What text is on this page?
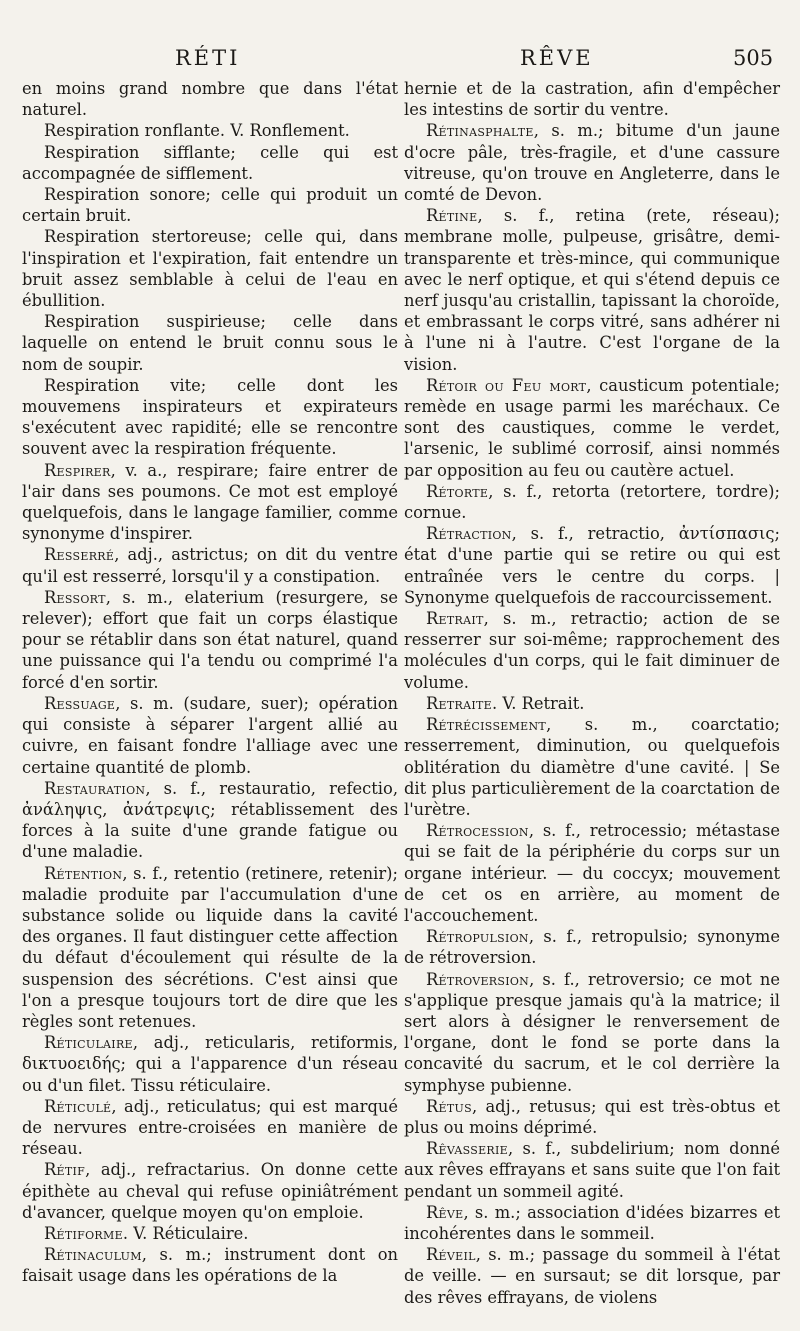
RÉTI	RÊVE	505

en moins grand nombre que dans l'état naturel.

Respiration ronflante. V. Ronflement.

Respiration sifflante; celle qui est accompagnée de sifflement.

Respiration sonore; celle qui produit un certain bruit.

Respiration stertoreuse; celle qui, dans l'inspiration et l'expiration, fait entendre un bruit assez semblable à celui de l'eau en ébullition.

Respiration suspirieuse; celle dans laquelle on entend le bruit connu sous le nom de soupir.

Respiration vite; celle dont les mouvemens inspirateurs et expirateurs s'exécutent avec rapidité; elle se rencontre souvent avec la respiration fréquente.

Respirer, v. a., respirare; faire entrer de l'air dans ses poumons. Ce mot est employé quelquefois, dans le langage familier, comme synonyme d'inspirer.

Resserré, adj., astrictus; on dit du ventre qu'il est resserré, lorsqu'il y a constipation.

Ressort, s. m., elaterium (resurgere, se relever); effort que fait un corps élastique pour se rétablir dans son état naturel, quand une puissance qui l'a tendu ou comprimé l'a forcé d'en sortir.

Ressuage, s. m. (sudare, suer); opération qui consiste à séparer l'argent allié au cuivre, en faisant fondre l'alliage avec une certaine quantité de plomb.

Restauration, s. f., restauratio, refectio, ἀνάληψις, ἀνάτρεψις; rétablissement des forces à la suite d'une grande fatigue ou d'une maladie.

Rétention, s. f., retentio (retinere, retenir); maladie produite par l'accumulation d'une substance solide ou liquide dans la cavité des organes. Il faut distinguer cette affection du défaut d'écoulement qui résulte de la suspension des sécrétions. C'est ainsi que l'on a presque toujours tort de dire que les règles sont retenues.

Réticulaire, adj., reticularis, retiformis, δικτυοειδής; qui a l'apparence d'un réseau ou d'un filet. Tissu réticulaire.

Réticulé, adj., reticulatus; qui est marqué de nervures entre-croisées en manière de réseau.

Rétif, adj., refractarius. On donne cette épithète au cheval qui refuse opiniâtrément d'avancer, quelque moyen qu'on emploie.

Rétiforme. V. Réticulaire.

Rétinaculum, s. m.; instrument dont on faisait usage dans les opérations de la

hernie et de la castration, afin d'empêcher les intestins de sortir du ventre.

Rétinasphalte, s. m.; bitume d'un jaune d'ocre pâle, très-fragile, et d'une cassure vitreuse, qu'on trouve en Angleterre, dans le comté de Devon.

Rétine, s. f., retina (rete, réseau); membrane molle, pulpeuse, grisâtre, demi-transparente et très-mince, qui communique avec le nerf optique, et qui s'étend depuis ce nerf jusqu'au cristallin, tapissant la choroïde, et embrassant le corps vitré, sans adhérer ni à l'une ni à l'autre. C'est l'organe de la vision.

Rétoir ou Feu mort, causticum potentiale; remède en usage parmi les maréchaux. Ce sont des caustiques, comme le verdet, l'arsenic, le sublimé corrosif, ainsi nommés par opposition au feu ou cautère actuel.

Rétorte, s. f., retorta (retortere, tordre); cornue.

Rétraction, s. f., retractio, ἀντίσπασις; état d'une partie qui se retire ou qui est entraînée vers le centre du corps. | Synonyme quelquefois de raccourcissement.

Retrait, s. m., retractio; action de se resserrer sur soi-même; rapprochement des molécules d'un corps, qui le fait diminuer de volume.

Retraite. V. Retrait.

Rétrécissement, s. m., coarctatio; resserrement, diminution, ou quelquefois oblitération du diamètre d'une cavité. | Se dit plus particulièrement de la coarctation de l'urètre.

Rétrocession, s. f., retrocessio; métastase qui se fait de la périphérie du corps sur un organe intérieur. — du coccyx; mouvement de cet os en arrière, au moment de l'accouchement.

Rétropulsion, s. f., retropulsio; synonyme de rétroversion.

Rétroversion, s. f., retroversio; ce mot ne s'applique presque jamais qu'à la matrice; il sert alors à désigner le renversement de l'organe, dont le fond se porte dans la concavité du sacrum, et le col derrière la symphyse pubienne.

Rétus, adj., retusus; qui est très-obtus et plus ou moins déprimé.

Rêvasserie, s. f., subdelirium; nom donné aux rêves effrayans et sans suite que l'on fait pendant un sommeil agité.

Rêve, s. m.; association d'idées bizarres et incohérentes dans le sommeil.

Réveil, s. m.; passage du sommeil à l'état de veille. — en sursaut; se dit lorsque, par des rêves effrayans, de violens
